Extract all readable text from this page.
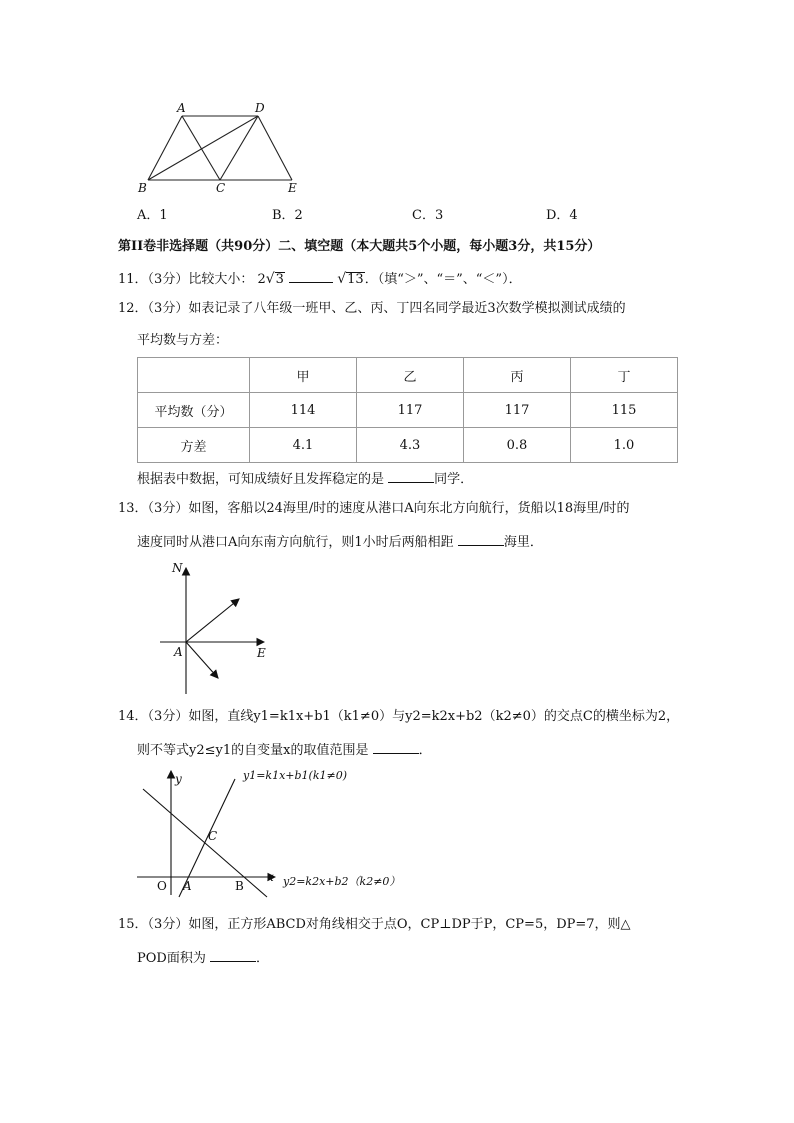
A	D
B	C	E
A．1	B．2	C．3	D．4
第II卷非选择题（共90分）二、填空题（本大题共5个小题，每小题3分，共15分）
11．（3分）比较大小： 2√3	√13．（填“＞”、“＝”、“＜”）．
12．（3分）如表记录了八年级一班甲、乙、丙、丁四名同学最近3次数学模拟测试成绩的
平均数与方差：
	甲	乙	丙	丁
平均数（分）	114	117	117	115
方差	4.1	4.3	0.8	1.0
根据表中数据，可知成绩好且发挥稳定的是	同学．
13．（3分）如图，客船以24海里/时的速度从港口A向东北方向航行，货船以18海里/时的
速度同时从港口A向东南方向航行，则1小时后两船相距	海里．
N
A	E
14．（3分）如图，直线y1=k1x+b1（k1≠0）与y2=k2x+b2（k2≠0）的交点C的横坐标为2，
则不等式y2≤y1的自变量x的取值范围是	．
y
x
O A	B
C
y1=k1x+b1(k1≠0)
y2=k2x+b2（k2≠0）
15．（3分）如图，正方形ABCD对角线相交于点O，CP⊥DP于P，CP=5，DP=7，则△
POD面积为	．
